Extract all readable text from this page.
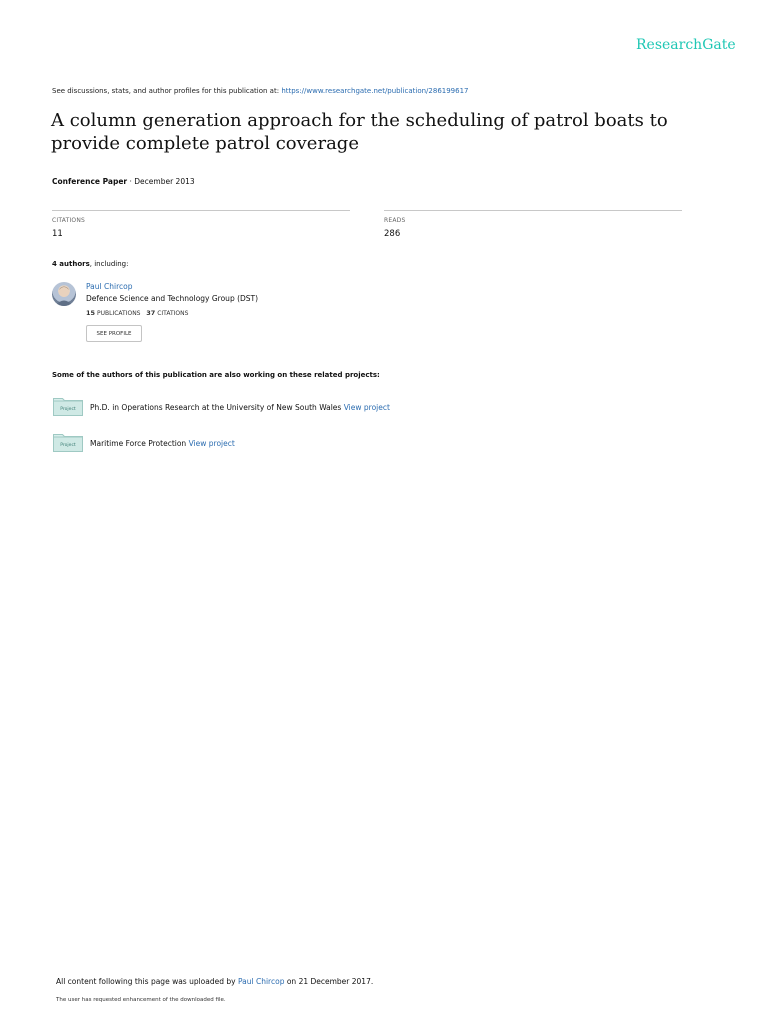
ResearchGate
See discussions, stats, and author profiles for this publication at: https://www.researchgate.net/publication/286199617
A column generation approach for the scheduling of patrol boats to provide complete patrol coverage
Conference Paper · December 2013
CITATIONS
11
READS
286
4 authors, including:
Paul Chircop
Defence Science and Technology Group (DST)
15 PUBLICATIONS 37 CITATIONS
SEE PROFILE
Some of the authors of this publication are also working on these related projects:
Project	Ph.D. in Operations Research at the University of New South Wales View project
Project	Maritime Force Protection View project
All content following this page was uploaded by Paul Chircop on 21 December 2017.
The user has requested enhancement of the downloaded file.
